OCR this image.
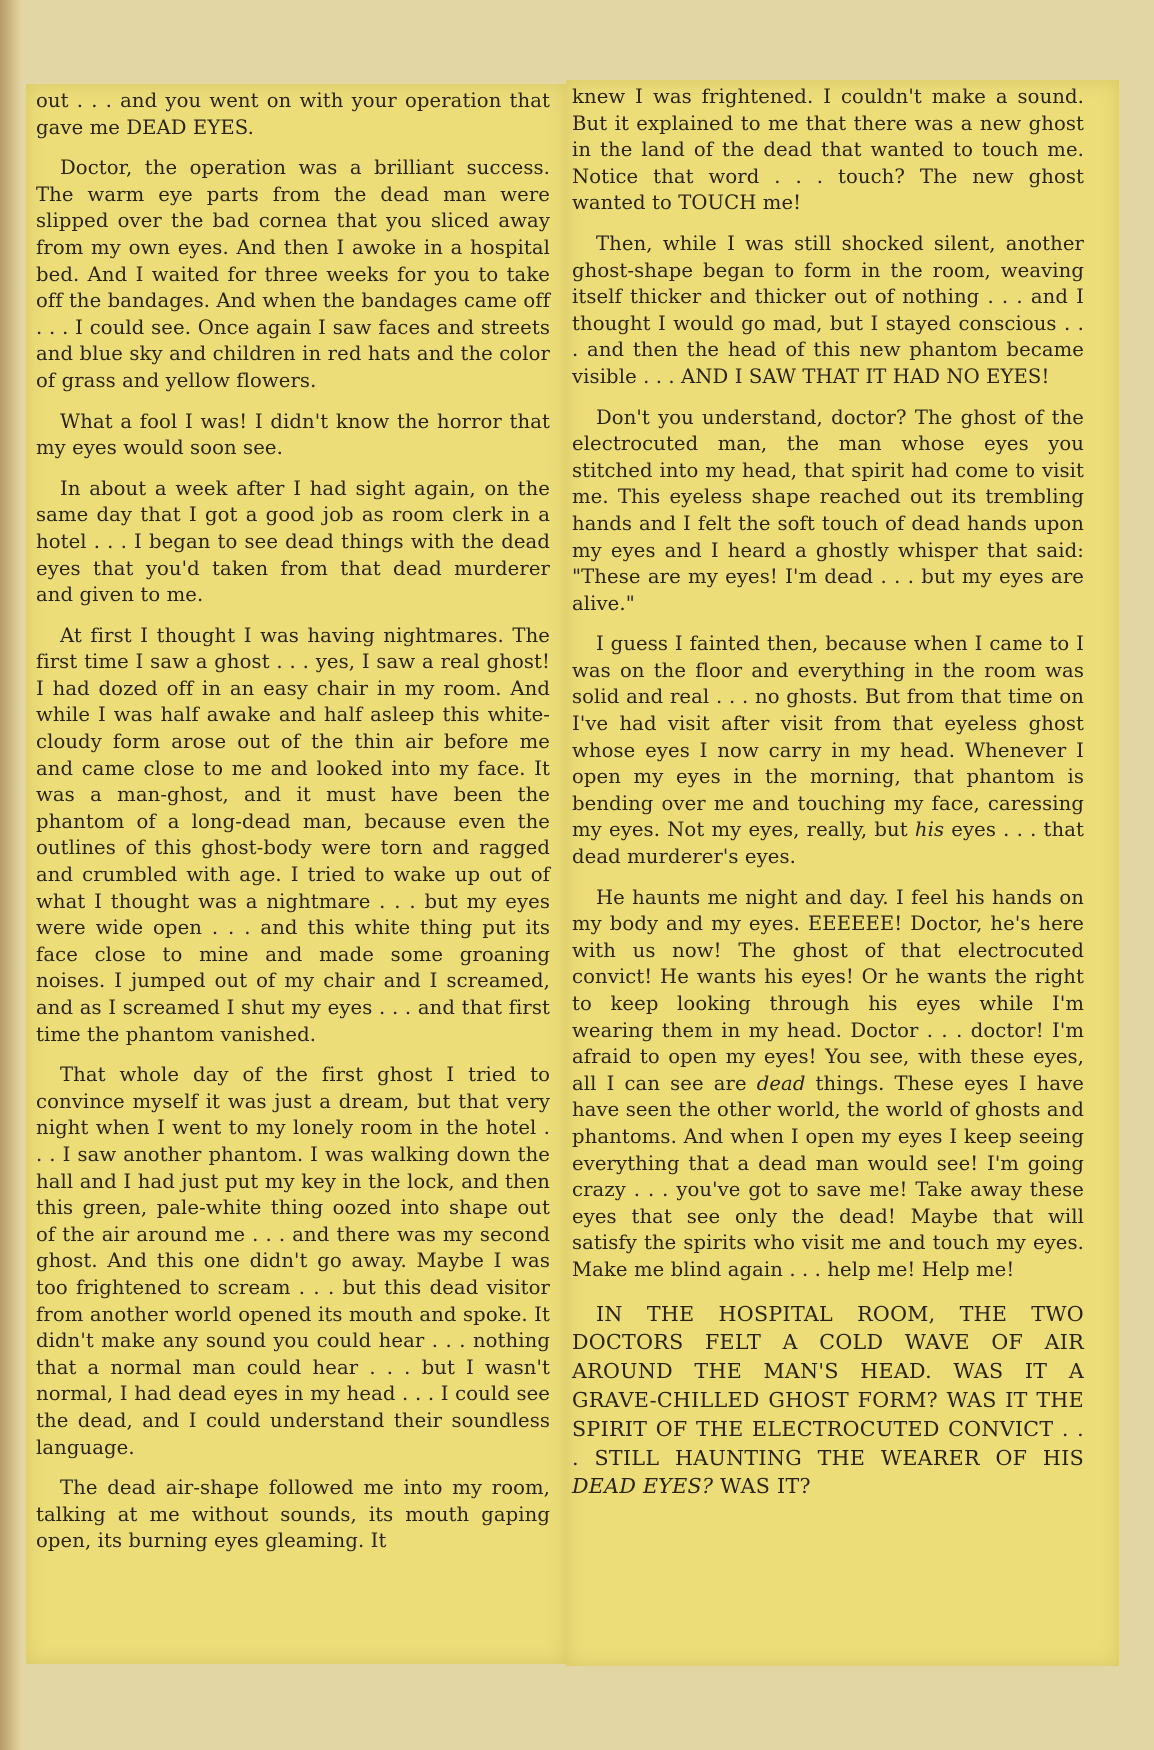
out . . . and you went on with your operation that gave me DEAD EYES.

Doctor, the operation was a brilliant success. The warm eye parts from the dead man were slipped over the bad cornea that you sliced away from my own eyes. And then I awoke in a hospital bed. And I waited for three weeks for you to take off the bandages. And when the bandages came off . . . I could see. Once again I saw faces and streets and blue sky and children in red hats and the color of grass and yellow flowers.

What a fool I was! I didn't know the horror that my eyes would soon see.

In about a week after I had sight again, on the same day that I got a good job as room clerk in a hotel . . . I began to see dead things with the dead eyes that you'd taken from that dead murderer and given to me.

At first I thought I was having nightmares. The first time I saw a ghost . . . yes, I saw a real ghost! I had dozed off in an easy chair in my room. And while I was half awake and half asleep this white-cloudy form arose out of the thin air before me and came close to me and looked into my face. It was a man-ghost, and it must have been the phantom of a long-dead man, because even the outlines of this ghost-body were torn and ragged and crumbled with age. I tried to wake up out of what I thought was a nightmare . . . but my eyes were wide open . . . and this white thing put its face close to mine and made some groaning noises. I jumped out of my chair and I screamed, and as I screamed I shut my eyes . . . and that first time the phantom vanished.

That whole day of the first ghost I tried to convince myself it was just a dream, but that very night when I went to my lonely room in the hotel . . . I saw another phantom. I was walking down the hall and I had just put my key in the lock, and then this green, pale-white thing oozed into shape out of the air around me . . . and there was my second ghost. And this one didn't go away. Maybe I was too frightened to scream . . . but this dead visitor from another world opened its mouth and spoke. It didn't make any sound you could hear . . . nothing that a normal man could hear . . . but I wasn't normal, I had dead eyes in my head . . . I could see the dead, and I could understand their soundless language.

The dead air-shape followed me into my room, talking at me without sounds, its mouth gaping open, its burning eyes gleaming. It

knew I was frightened. I couldn't make a sound. But it explained to me that there was a new ghost in the land of the dead that wanted to touch me. Notice that word . . . touch? The new ghost wanted to TOUCH me!

Then, while I was still shocked silent, another ghost-shape began to form in the room, weaving itself thicker and thicker out of nothing . . . and I thought I would go mad, but I stayed conscious . . . and then the head of this new phantom became visible . . . AND I SAW THAT IT HAD NO EYES!

Don't you understand, doctor? The ghost of the electrocuted man, the man whose eyes you stitched into my head, that spirit had come to visit me. This eyeless shape reached out its trembling hands and I felt the soft touch of dead hands upon my eyes and I heard a ghostly whisper that said: "These are my eyes! I'm dead . . . but my eyes are alive."

I guess I fainted then, because when I came to I was on the floor and everything in the room was solid and real . . . no ghosts. But from that time on I've had visit after visit from that eyeless ghost whose eyes I now carry in my head. Whenever I open my eyes in the morning, that phantom is bending over me and touching my face, caressing my eyes. Not my eyes, really, but his eyes . . . that dead murderer's eyes.

He haunts me night and day. I feel his hands on my body and my eyes. EEEEEE! Doctor, he's here with us now! The ghost of that electrocuted convict! He wants his eyes! Or he wants the right to keep looking through his eyes while I'm wearing them in my head. Doctor . . . doctor! I'm afraid to open my eyes! You see, with these eyes, all I can see are dead things. These eyes I have have seen the other world, the world of ghosts and phantoms. And when I open my eyes I keep seeing everything that a dead man would see! I'm going crazy . . . you've got to save me! Take away these eyes that see only the dead! Maybe that will satisfy the spirits who visit me and touch my eyes. Make me blind again . . . help me! Help me!

IN THE HOSPITAL ROOM, THE TWO DOCTORS FELT A COLD WAVE OF AIR AROUND THE MAN'S HEAD. WAS IT A GRAVE-CHILLED GHOST FORM? WAS IT THE SPIRIT OF THE ELECTROCUTED CONVICT . . . STILL HAUNTING THE WEARER OF HIS DEAD EYES? WAS IT?
